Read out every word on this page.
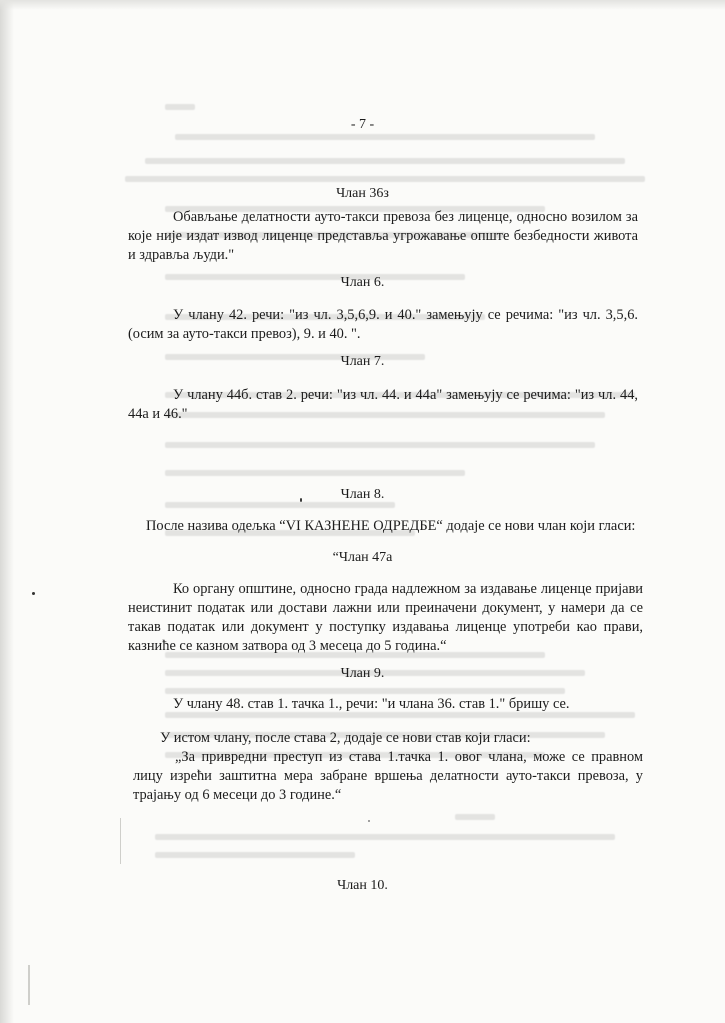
- 7 -
Члан 36з

Обављање делатности ауто-такси превоза без лиценце, односно возилом за које није издат извод лиценце представља угрожавање опште безбедности живота и здравља људи."

Члан 6.

У члану 42. речи: "из чл. 3,5,6,9. и 40." замењују се речима: "из чл. 3,5,6. (осим за ауто-такси превоз), 9. и 40. ".

Члан 7.

У члану 44б. став 2. речи: "из чл. 44. и 44а" замењују се речима: "из чл. 44, 44а и 46."

Члан 8.
После назива одељка “VI КАЗНЕНЕ ОДРЕДБЕ“ додаје се нови члан који гласи:
“Члан 47а

Ко органу општине, односно града надлежном за издавање лиценце пријави неистинит податак или достави лажни или преиначени документ, у намери да се такав податак или документ у поступку издавања лиценце употреби као прави, казниће се казном затвора од 3 месеца до 5 година.“

Члан 9.
У члану 48. став 1. тачка 1., речи: "и члана 36. став 1." бришу се.
У истом члану, после става 2, додаје се нови став који гласи:

„За привредни преступ из става 1.тачка 1. овог члана, може се правном лицу изрећи заштитна мера забране вршења делатности ауто-такси превоза, у трајању од 6 месеци до 3 године.“

Члан 10.
